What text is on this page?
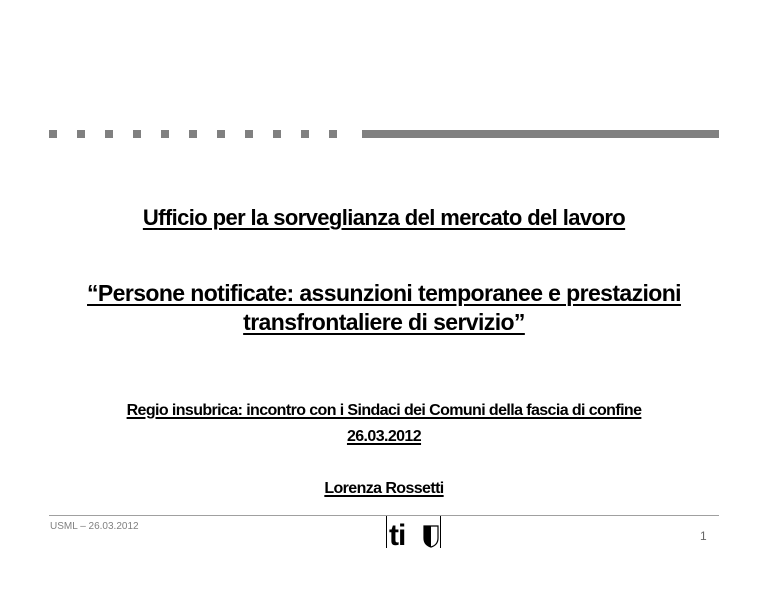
Ufficio per la sorveglianza del mercato del lavoro
“Persone notificate: assunzioni temporanee e prestazioni
transfrontaliere di servizio”
Regio insubrica: incontro con i Sindaci dei Comuni della fascia di confine
26.03.2012
Lorenza Rossetti
USML – 26.03.2012	ti	1
